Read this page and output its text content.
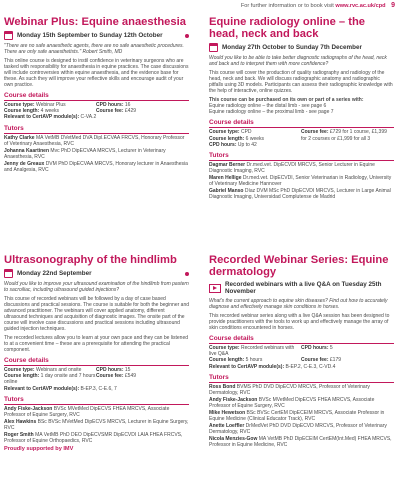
For further information or to book visit www.rvc.ac.uk/cpd 9
Webinar Plus: Equine anaesthesia
Monday 15th September to Sunday 12th October

"There are no safe anaesthetic agents, there are no safe anaesthetic procedures. There are only safe anaesthetists." Robert Smith, MD

This online course is designed to instil confidence in veterinary surgeons who are tasked with responsibility for anaesthesia in equine practices. The case discussions will include controversies within equine anaesthesia, and the evidence base for these. As such they will improve your reflective skills and encourage audit of your own practice.

Course details
Course type: Webinar Plus	CPD hours: 16
Course length: 4 weeks	Course fee: £429
Relevant to CertAVP module(s): C-VA.2
Tutors
Kathy Clarke MA VetMB DVetMed DVA Dipl.ECVAA FRCVS, Honorary Professor of Veterinary Anaesthesia, RVC
Johanna Kaartinen Mvc PhD DipECVAA MRCVS, Lecturer in Veterinary Anaesthesia, RVC
Jenny de Greaux DVM PhD DipECVAA MRCVS, Honorary lecturer in Anaesthesia and Analgesia, RVC
Equine radiology online – the head, neck and back
Monday 27th October to Sunday 7th December

Would you like to be able to take better diagnostic radiographs of the head, neck and back and to interpret them with more confidence?

This course will cover the production of quality radiography and radiology of the head, neck and back. We will discuss radiographic anatomy and radiographic pitfalls using 3D models. Participants can assess their radiographic knowledge with the help of interactive, online quizzes.

This course can be purchased on its own or part of a series with:

Equine radiology online – the distal limb - see page 6
Equine radiology online – the proximal limb - see page 7
Course details
Course type: CPD	Course fee: £729 for 1 course, £1,399 for 2 courses or £1,999 for all 3
Course length: 6 weeks
CPD hours: Up to 42
Tutors
Dagmar Berner Dr.med.vet. DipECVDI MRCVS, Senior Lecturer in Equine Diagnostic Imaging, RVC
Maren Hellige Dr.med.vet. DipECVDI, Senior Veterinarian in Radiology, University of Veterinary Medicine Hannover
Gabriel Manso Díaz DVM MSc PhD DipECVDI MRCVS, Lecturer in Large Animal Diagnostic Imaging, Universidad Complutense de Madrid
Ultrasonography of the hindlimb
Monday 22nd September

Would you like to improve your ultrasound examination of the hindlimb from pastern to sacroiliac, including ultrasound guided injections?

This course of recorded webinars will be followed by a day of case based discussions and practical sessions. The course is suitable for both the beginner and advanced practitioner. The webinars will cover applied anatomy, different ultrasound techniques and acquisition of diagnostic images. The onsite part of the course will involve case discussions and practical sessions including ultrasound guided injection techniques.

The recorded lectures allow you to learn at your own pace and they can be listened to at a convenient time – these are a prerequisite for attending the practical component.

Course details
Course type: Webinars and onsite	CPD hours: 15
Course length: 1 day onsite and 7 hours online
Course fee: £549
Relevant to CertAVP module(s): B-EP.3, C-E.6, 7
Tutors
Andy Fiske-Jackson BVSc MVetMed DipECVS FHEA MRCVS, Associate Professor of Equine Surgery, RVC
Alex Hawkins BSc BVSc MVetMed DipECVS MRCVS, Lecturer in Equine Surgery, RVC
Roger Smith MA VetMB PhD DEO DipECVSMR DipECVDI LAIA FHEA FRCVS, Professor of Equine Orthopaedics, RVC
Proudly supported by IMV
Recorded Webinar Series: Equine dermatology
Recorded webinars with a live Q&A on Tuesday 25th November

What's the current approach to equine skin diseases? Find out how to accurately diagnose and effectively manage skin conditions in horses.

This recorded webinar series along with a live Q&A session has been designed to provide practitioners with the tools to work up and effectively manage the array of skin conditions encountered in horses.

Course details
Course type: Recorded webinars with live Q&A
CPD hours: 5
Course length: 5 hours	Course fee: £179
Relevant to CertAVP module(s): B-EP.2, C-E.3, C-VD.4
Tutors
Ross Bond BVMS PhD DVD DipECVD MRCVS, Professor of Veterinary Dermatology, RVC
Andy Fiske-Jackson BVSc MVetMed DipECVS FHEA MRCVS, Associate Professor of Equine Surgery, RVC
Mike Hewetson BSc BVSc CertEM DipECEIM MRCVS, Associate Professor in Equine Medicine (Clinical Educator Track), RVC
Anette Loeffler DrMedVet PhD DVD DipECVD MRCVS, Professor of Veterinary Dermatology, RVC
Nicola Menzies-Gow MA VetMB PhD DipECEIM CertEM(Int.Med) FHEA MRCVS, Professor in Equine Medicine, RVC
